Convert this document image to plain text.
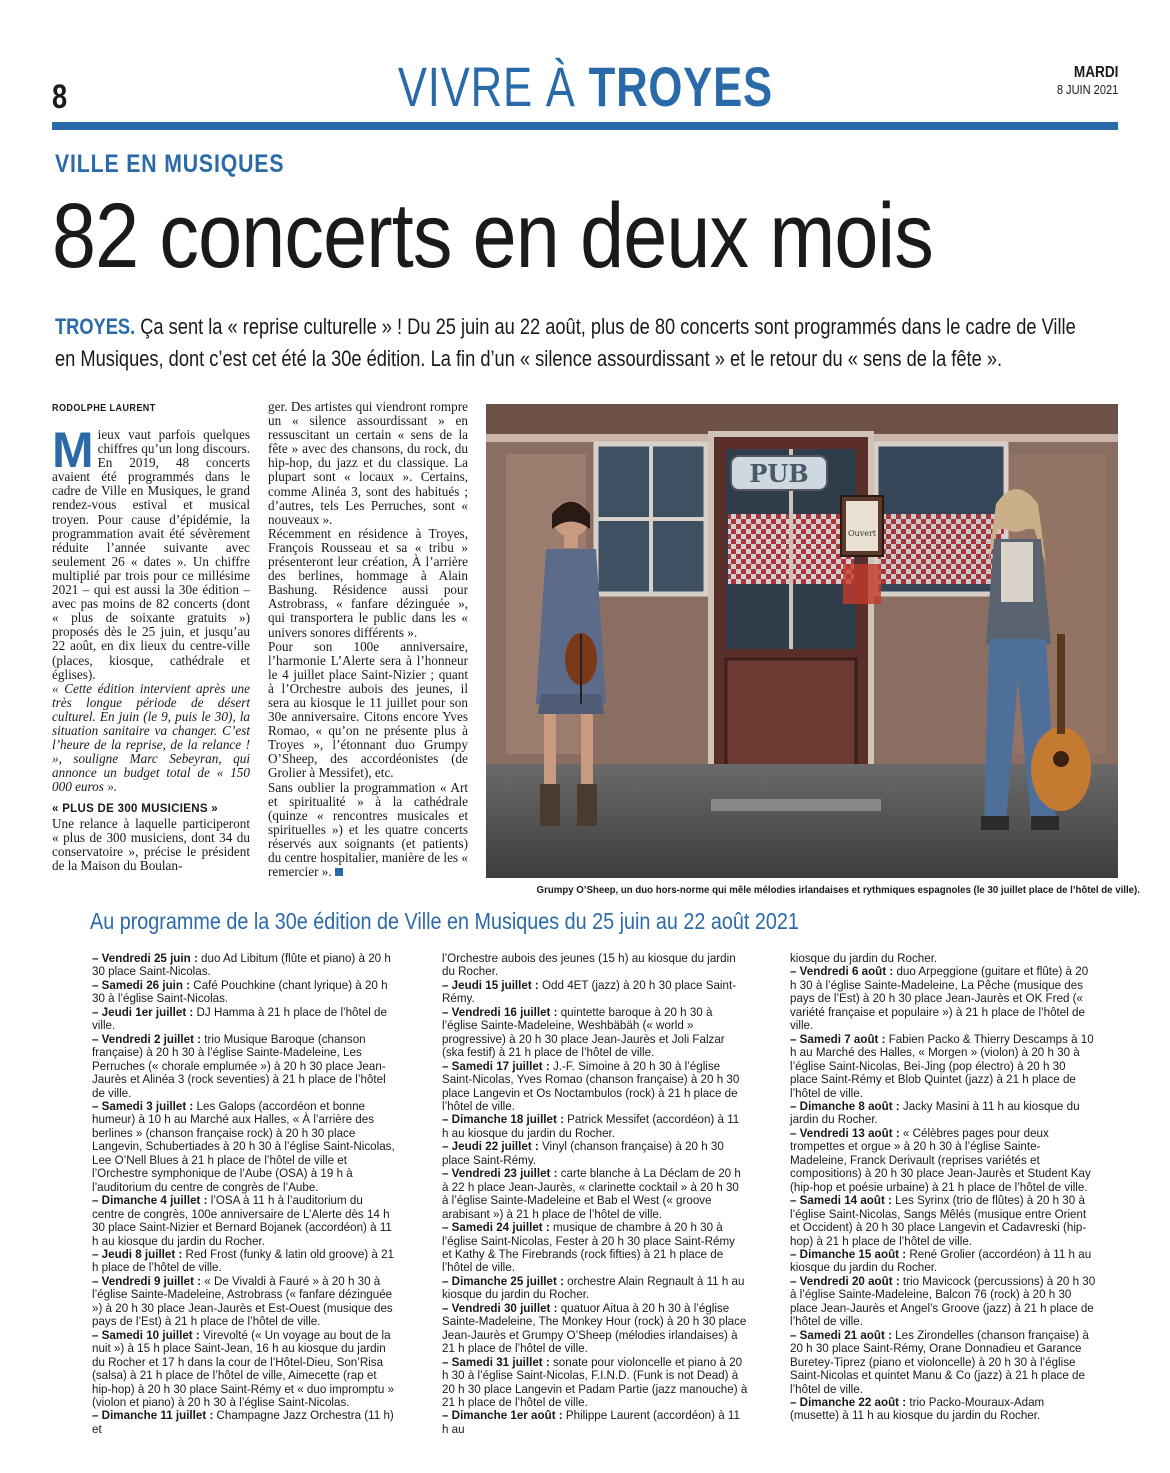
8	VIVRE À TROYES	MARDI
8 JUIN 2021
VILLE EN MUSIQUES
82 concerts en deux mois
TROYES. Ça sent la « reprise culturelle » ! Du 25 juin au 22 août, plus de 80 concerts sont programmés dans le cadre de Ville en Musiques, dont c’est cet été la 30e édition. La fin d’un « silence assourdissant » et le retour du « sens de la fête ».
RODOLPHE LAURENT

Mieux vaut parfois quelques chiffres qu’un long discours. En 2019, 48 concerts avaient été programmés dans le cadre de Ville en Musiques, le grand rendez-vous estival et musical troyen. Pour cause d’épidémie, la programmation avait été sévèrement réduite l’année suivante avec seulement 26 « dates ». Un chiffre multiplié par trois pour ce millésime 2021 – qui est aussi la 30e édition – avec pas moins de 82 concerts (dont « plus de soixante gratuits ») proposés dès le 25 juin, et jusqu’au 22 août, en dix lieux du centre-ville (places, kiosque, cathédrale et églises).

« Cette édition intervient après une très longue période de désert culturel. En juin (le 9, puis le 30), la situation sanitaire va changer. C’est l’heure de la reprise, de la relance ! », souligne Marc Sebeyran, qui annonce un budget total de « 150 000 euros ».

« PLUS DE 300 MUSICIENS »

Une relance à laquelle participeront « plus de 300 musiciens, dont 34 du conservatoire », précise le président de la Maison du Boulan-

ger. Des artistes qui viendront rompre un « silence assourdissant » en ressuscitant un certain « sens de la fête » avec des chansons, du rock, du hip-hop, du jazz et du classique. La plupart sont « locaux ». Certains, comme Alinéa 3, sont des habitués ; d’autres, tels Les Perruches, sont « nouveaux ».

Récemment en résidence à Troyes, François Rousseau et sa « tribu » présenteront leur création, À l’arrière des berlines, hommage à Alain Bashung. Résidence aussi pour Astrobrass, « fanfare dézinguée », qui transportera le public dans les « univers sonores différents ».

Pour son 100e anniversaire, l’harmonie L’Alerte sera à l’honneur le 4 juillet place Saint-Nizier ; quant à l’Orchestre aubois des jeunes, il sera au kiosque le 11 juillet pour son 30e anniversaire. Citons encore Yves Romao, « qu’on ne présente plus à Troyes », l’étonnant duo Grumpy O’Sheep, des accordéonistes (de Grolier à Messifet), etc.

Sans oublier la programmation « Art et spiritualité » à la cathédrale (quinze « rencontres musicales et spirituelles ») et les quatre concerts réservés aux soignants (et patients) du centre hospitalier, manière de les « remercier ».

PUB
Ouvert
Grumpy O’Sheep, un duo hors-norme qui mêle mélodies irlandaises et rythmiques espagnoles (le 30 juillet place de l’hôtel de ville).
Au programme de la 30e édition de Ville en Musiques du 25 juin au 22 août 2021
– Vendredi 25 juin : duo Ad Libitum (flûte et piano) à 20 h 30 place Saint-Nicolas.
– Samedi 26 juin : Café Pouchkine (chant lyrique) à 20 h 30 à l’église Saint-Nicolas.
– Jeudi 1er juillet : DJ Hamma à 21 h place de l’hôtel de ville.
– Vendredi 2 juillet : trio Musique Baroque (chanson française) à 20 h 30 à l’église Sainte-Madeleine, Les Perruches (« chorale emplumée ») à 20 h 30 place Jean-Jaurès et Alinéa 3 (rock seventies) à 21 h place de l’hôtel de ville.
– Samedi 3 juillet : Les Galops (accordéon et bonne humeur) à 10 h au Marché aux Halles, « À l’arrière des berlines » (chanson française rock) à 20 h 30 place Langevin, Schubertiades à 20 h 30 à l’église Saint-Nicolas, Lee O’Nell Blues à 21 h place de l’hôtel de ville et l’Orchestre symphonique de l’Aube (OSA) à 19 h à l’auditorium du centre de congrès de l’Aube.
– Dimanche 4 juillet : l’OSA à 11 h à l’auditorium du centre de congrès, 100e anniversaire de L’Alerte dès 14 h 30 place Saint-Nizier et Bernard Bojanek (accordéon) à 11 h au kiosque du jardin du Rocher.
– Jeudi 8 juillet : Red Frost (funky & latin old groove) à 21 h place de l’hôtel de ville.
– Vendredi 9 juillet : « De Vivaldi à Fauré » à 20 h 30 à l’église Sainte-Madeleine, Astrobrass (« fanfare dézinguée ») à 20 h 30 place Jean-Jaurès et Est-Ouest (musique des pays de l’Est) à 21 h place de l’hôtel de ville.
– Samedi 10 juillet : Virevolté (« Un voyage au bout de la nuit ») à 15 h place Saint-Jean, 16 h au kiosque du jardin du Rocher et 17 h dans la cour de l’Hôtel-Dieu, Son’Risa (salsa) à 21 h place de l’hôtel de ville, Aimecette (rap et hip-hop) à 20 h 30 place Saint-Rémy et « duo impromptu » (violon et piano) à 20 h 30 à l’église Saint-Nicolas.
– Dimanche 11 juillet : Champagne Jazz Orchestra (11 h) et
l’Orchestre aubois des jeunes (15 h) au kiosque du jardin du Rocher.
– Jeudi 15 juillet : Odd 4ET (jazz) à 20 h 30 place Saint-Rémy.
– Vendredi 16 juillet : quintette baroque à 20 h 30 à l’église Sainte-Madeleine, Weshbäbäh (« world » progressive) à 20 h 30 place Jean-Jaurès et Joli Falzar (ska festif) à 21 h place de l’hôtel de ville.
– Samedi 17 juillet : J.-F. Simoine à 20 h 30 à l’église Saint-Nicolas, Yves Romao (chanson française) à 20 h 30 place Langevin et Os Noctambulos (rock) à 21 h place de l’hôtel de ville.
– Dimanche 18 juillet : Patrick Messifet (accordéon) à 11 h au kiosque du jardin du Rocher.
– Jeudi 22 juillet : Vinyl (chanson française) à 20 h 30 place Saint-Rémy.
– Vendredi 23 juillet : carte blanche à La Déclam de 20 h à 22 h place Jean-Jaurès, « clarinette cocktail » à 20 h 30 à l’église Sainte-Madeleine et Bab el West (« groove arabisant ») à 21 h place de l’hôtel de ville.
– Samedi 24 juillet : musique de chambre à 20 h 30 à l’église Saint-Nicolas, Fester à 20 h 30 place Saint-Rémy et Kathy & The Firebrands (rock fifties) à 21 h place de l’hôtel de ville.
– Dimanche 25 juillet : orchestre Alain Regnault à 11 h au kiosque du jardin du Rocher.
– Vendredi 30 juillet : quatuor Aitua à 20 h 30 à l’église Sainte-Madeleine, The Monkey Hour (rock) à 20 h 30 place Jean-Jaurès et Grumpy O’Sheep (mélodies irlandaises) à 21 h place de l’hôtel de ville.
– Samedi 31 juillet : sonate pour violoncelle et piano à 20 h 30 à l’église Saint-Nicolas, F.I.N.D. (Funk is not Dead) à 20 h 30 place Langevin et Padam Partie (jazz manouche) à 21 h place de l’hôtel de ville.
– Dimanche 1er août : Philippe Laurent (accordéon) à 11 h au
kiosque du jardin du Rocher.
– Vendredi 6 août : duo Arpeggione (guitare et flûte) à 20 h 30 à l’église Sainte-Madeleine, La Pêche (musique des pays de l’Est) à 20 h 30 place Jean-Jaurès et OK Fred (« variété française et populaire ») à 21 h place de l’hôtel de ville.
– Samedi 7 août : Fabien Packo & Thierry Descamps à 10 h au Marché des Halles, « Morgen » (violon) à 20 h 30 à l’église Saint-Nicolas, Bei-Jing (pop électro) à 20 h 30 place Saint-Rémy et Blob Quintet (jazz) à 21 h place de l’hôtel de ville.
– Dimanche 8 août : Jacky Masini à 11 h au kiosque du jardin du Rocher.
– Vendredi 13 août : « Célèbres pages pour deux trompettes et orgue » à 20 h 30 à l’église Sainte-Madeleine, Franck Derivault (reprises variétés et compositions) à 20 h 30 place Jean-Jaurès et Student Kay (hip-hop et poésie urbaine) à 21 h place de l’hôtel de ville.
– Samedi 14 août : Les Syrinx (trio de flûtes) à 20 h 30 à l’église Saint-Nicolas, Sangs Mêlés (musique entre Orient et Occident) à 20 h 30 place Langevin et Cadavreski (hip-hop) à 21 h place de l’hôtel de ville.
– Dimanche 15 août : René Grolier (accordéon) à 11 h au kiosque du jardin du Rocher.
– Vendredi 20 août : trio Mavicock (percussions) à 20 h 30 à l’église Sainte-Madeleine, Balcon 76 (rock) à 20 h 30 place Jean-Jaurès et Angel’s Groove (jazz) à 21 h place de l’hôtel de ville.
– Samedi 21 août : Les Zirondelles (chanson française) à 20 h 30 place Saint-Rémy, Orane Donnadieu et Garance Buretey-Tiprez (piano et violoncelle) à 20 h 30 à l’église Saint-Nicolas et quintet Manu & Co (jazz) à 21 h place de l’hôtel de ville.
– Dimanche 22 août : trio Packo-Mouraux-Adam (musette) à 11 h au kiosque du jardin du Rocher.
